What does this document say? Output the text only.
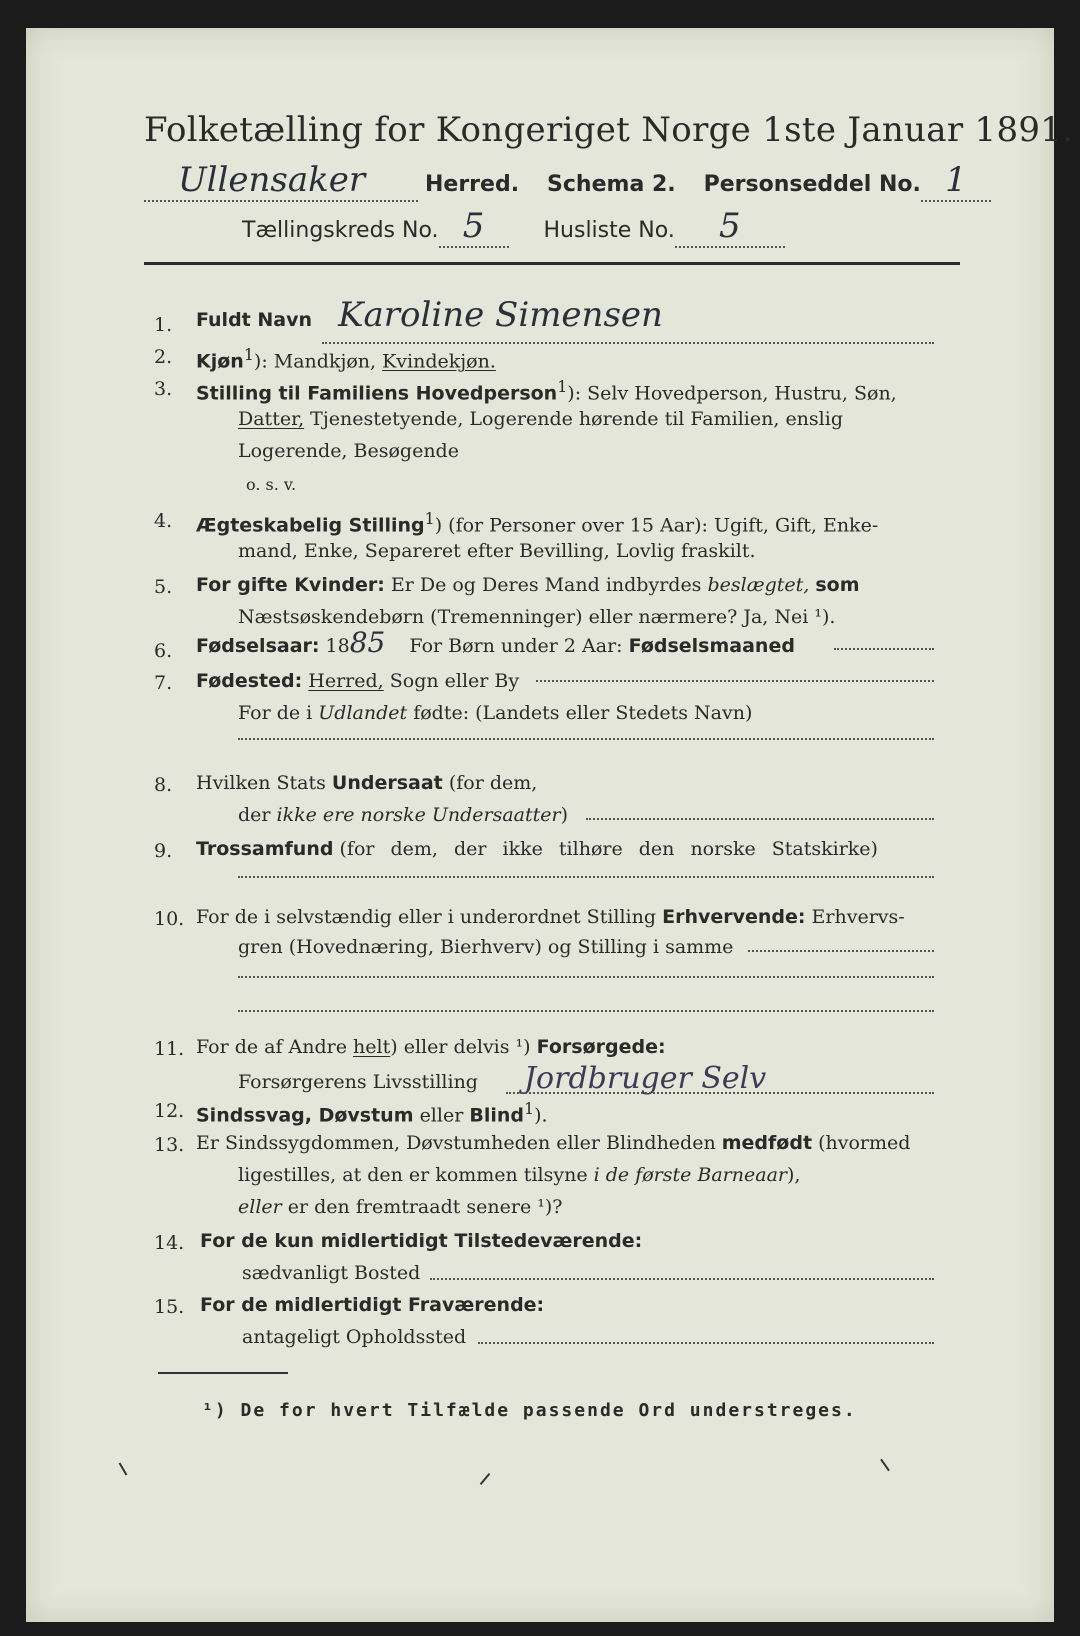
Folketælling for Kongeriget Norge 1ste Januar 1891.
Ullensaker	Herred. Schema 2. Personseddel No. 1
Tællingskreds No. 5	Husliste No. 5
1. Fuldt Navn Karoline Simensen
2. Kjøn$^1$): Mandkjøn, Kvindekjøn.
3. Stilling til Familiens Hovedperson$^1$): Selv Hovedperson, Hustru, Søn,
Datter, Tjenestetyende, Logerende hørende til Familien, enslig
Logerende, Besøgende
o. s. v.
4. Ægteskabelig Stilling$^1$) (for Personer over 15 Aar): Ugift, Gift, Enke-
mand, Enke, Separeret efter Bevilling, Lovlig fraskilt.
5. For gifte Kvinder: Er De og Deres Mand indbyrdes beslægtet, som
Næstsøskendebørn (Tremenninger) eller nærmere? Ja, Nei ¹).
6. Fødselsaar: 1885 For Børn under 2 Aar: Fødselsmaaned
7. Fødested: Herred, Sogn eller By
For de i Udlandet fødte: (Landets eller Stedets Navn)
8. Hvilken Stats Undersaat (for dem,
der ikke ere norske Undersaatter)
9. Trossamfund (for dem, der ikke tilhøre den norske Statskirke)
10. For de i selvstændig eller i underordnet Stilling Erhvervende: Erhvervs-
gren (Hovednæring, Bierhverv) og Stilling i samme
11. For de af Andre helt) eller delvis ¹) Forsørgede:
Forsørgerens Livsstilling Jordbruger Selv
12. Sindssvag, Døvstum eller Blind$^1$).
13. Er Sindssygdommen, Døvstumheden eller Blindheden medfødt (hvormed
ligestilles, at den er kommen tilsyne i de første Barneaar),
eller er den fremtraadt senere ¹)?
14. For de kun midlertidigt Tilstedeværende:
sædvanligt Bosted
15. For de midlertidigt Fraværende:
antageligt Opholdssted
¹) De for hvert Tilfælde passende Ord understreges.
